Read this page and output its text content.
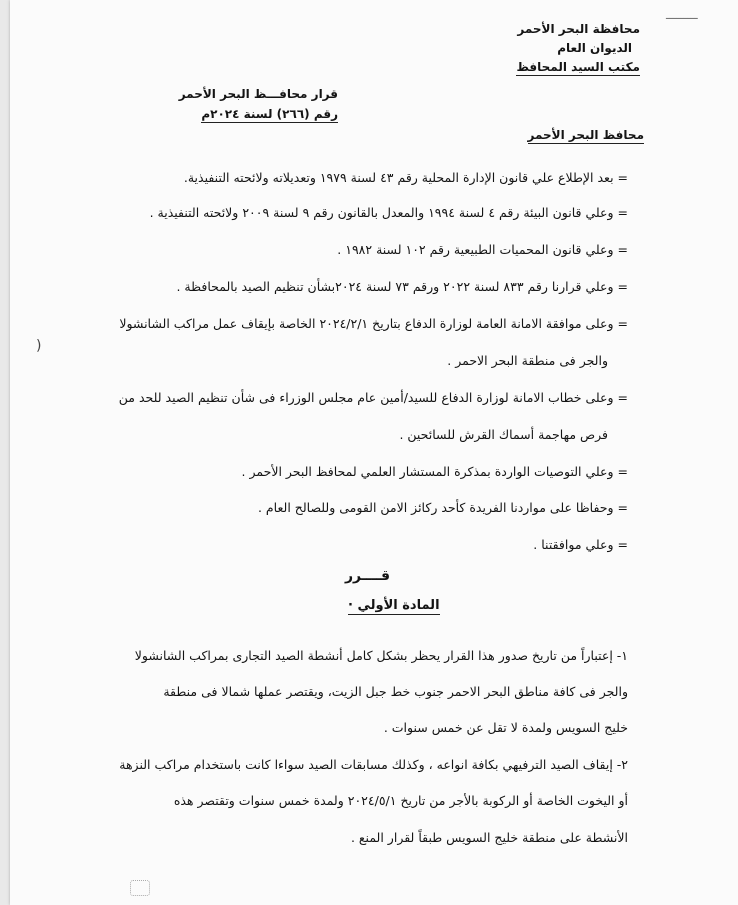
ـــــــــ
محافظة البحر الأحمر
الديوان العام
مكتب السيد المحافظ
قرار محافـــظ البحر الأحمر
رقم (٢٦٦) لسنة ٢٠٢٤م
محافظ البحر الأحمر
= بعد الإطلاع علي قانون الإدارة المحلية رقم ٤٣ لسنة ١٩٧٩ وتعديلاته ولائحته التنفيذية.
= وعلي قانون البيئة رقم ٤ لسنة ١٩٩٤ والمعدل بالقانون رقم ٩ لسنة ٢٠٠٩ ولائحته التنفيذية .
= وعلي قانون المحميات الطبيعية رقم ١٠٢ لسنة ١٩٨٢ .
= وعلي قرارنا رقم ٨٣٣ لسنة ٢٠٢٢ ورقم ٧٣ لسنة ٢٠٢٤بشأن تنظيم الصيد بالمحافظة .
= وعلى موافقة الامانة العامة لوزارة الدفاع بتاريخ ٢٠٢٤/٢/١ الخاصة بإيقاف عمل مراكب الشانشولا
والجر فى منطقة البحر الاحمر .
= وعلى خطاب الامانة لوزارة الدفاع للسيد/أمين عام مجلس الوزراء فى شأن تنظيم الصيد للحد من
فرص مهاجمة أسماك القرش للسائحين .
= وعلي التوصيات الواردة بمذكرة المستشار العلمي لمحافظ البحر الأحمر .
= وحفاظا على مواردنا الفريدة كأحد ركائز الامن القومى وللصالح العام .
= وعلي موافقتنا .
(
قــــرر
المادة الأولي ·
١- إعتباراً من تاريخ صدور هذا القرار يحظر بشكل كامل أنشطة الصيد التجارى بمراكب الشانشولا
والجر فى كافة مناطق البحر الاحمر جنوب خط جبل الزيت، ويقتصر عملها شمالا فى منطقة
خليج السويس ولمدة لا تقل عن خمس سنوات .
٢- إيقاف الصيد الترفيهي بكافة انواعه ، وكذلك مسابقات الصيد سواءا كانت باستخدام مراكب النزهة
أو اليخوت الخاصة أو الركوبة بالأجر من تاريخ ٢٠٢٤/٥/١ ولمدة خمس سنوات وتقتصر هذه
الأنشطة على منطقة خليج السويس طبقاً لقرار المنع .
